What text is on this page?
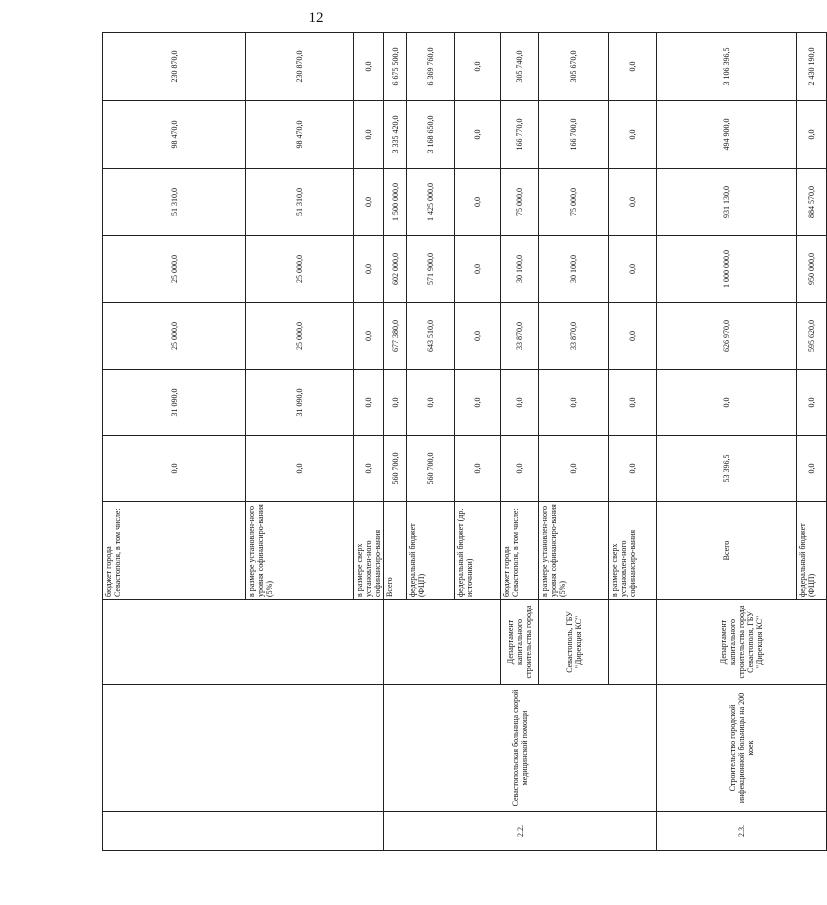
12
			бюджет города Севастополя, в том числе:	0,0	31 090,0	25 000,0	25 000,0	51 310,0	98 470,0	230 870,0
			в размере установлен-ного уровня софинансиро-вания (5%)	0,0	31 090,0	25 000,0	25 000,0	51 310,0	98 470,0	230 870,0
			в размере сверх установлен-ного софинансиро-вания	0,0	0,0	0,0	0,0	0,0	0,0	0,0
2.2.	Севастопольская больница скорой медицинской помощи		Всего	560 700,0	0,0	677 380,0	602 000,0	1 500 000,0	3 335 420,0	6 675 500,0
			федеральный бюджет (ФЦП)	560 700,0	0,0	643 510,0	571 900,0	1 425 000,0	3 168 650,0	6 369 760,0
			федеральный бюджет (др. источники)	0,0	0,0	0,0	0,0	0,0	0,0	0,0
		Департамент капитального строительства города	бюджет города Севастополя, в том числе:	0,0	0,0	33 870,0	30 100,0	75 000,0	166 770,0	305 740,0
		Севастополь, ГБУ "Дирекция КС"	в размере установлен-ного уровня софинансиро-вания (5%)	0,0	0,0	33 870,0	30 100,0	75 000,0	166 700,0	305 670,0
			в размере сверх установлен-ного софинансиро-вания	0,0	0,0	0,0	0,0	0,0	0,0	0,0
2.3.	Строительство городской инфекционной больницы на 200 коек	Департамент капитального строительства города Севастополя, ГБУ "Дирекция КС"	Всего	53 396,5	0,0	626 970,0	1 000 000,0	931 130,0	494 900,0	3 106 396,5
			федеральный бюджет (ФЦП)	0,0	0,0	595 620,0	950 000,0	884 570,0	0,0	2 430 190,0
